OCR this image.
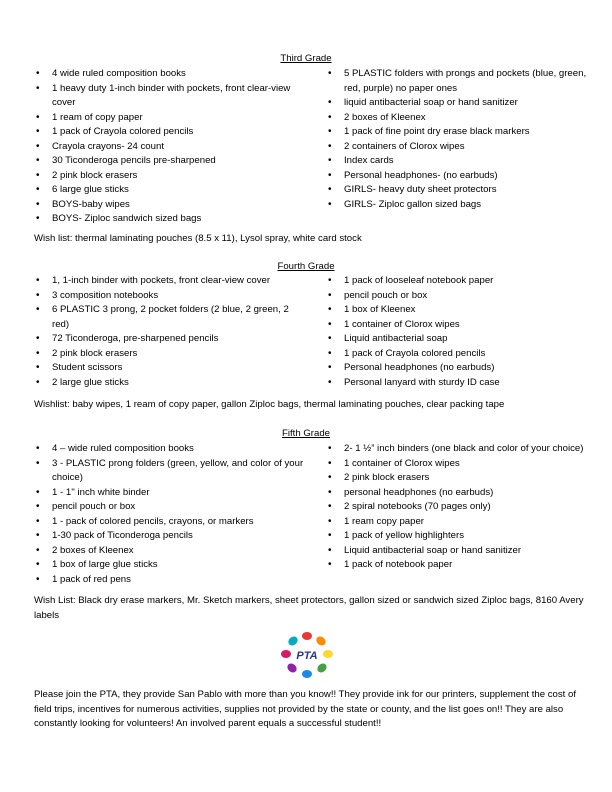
Third Grade
• 4 wide ruled composition books
• 1 heavy duty 1-inch binder with pockets, front clear-view cover
• 1 ream of copy paper
• 1 pack of Crayola colored pencils
• Crayola crayons- 24 count
• 30 Ticonderoga pencils pre-sharpened
• 2 pink block erasers
• 6 large glue sticks
• BOYS-baby wipes
• BOYS- Ziploc sandwich sized bags
• 5 PLASTIC folders with prongs and pockets (blue, green, red, purple) no paper ones
• liquid antibacterial soap or hand sanitizer
• 2 boxes of Kleenex
• 1 pack of fine point dry erase black markers
• 2 containers of Clorox wipes
• Index cards
• Personal headphones- (no earbuds)
• GIRLS- heavy duty sheet protectors
• GIRLS- Ziploc gallon sized bags
Wish list: thermal laminating pouches (8.5 x 11), Lysol spray, white card stock
Fourth Grade
• 1, 1-inch binder with pockets, front clear-view cover
• 3 composition notebooks
• 6 PLASTIC 3 prong, 2 pocket folders (2 blue, 2 green, 2 red)
• 72 Ticonderoga, pre-sharpened pencils
• 2 pink block erasers
• Student scissors
• 2 large glue sticks
• 1 pack of looseleaf notebook paper
• pencil pouch or box
• 1 box of Kleenex
• 1 container of Clorox wipes
• Liquid antibacterial soap
• 1 pack of Crayola colored pencils
• Personal headphones (no earbuds)
• Personal lanyard with sturdy ID case
Wishlist: baby wipes, 1 ream of copy paper, gallon Ziploc bags, thermal laminating pouches, clear packing tape
Fifth Grade
• 4 – wide ruled composition books
• 3 - PLASTIC prong folders (green, yellow, and color of your choice)
• 1 - 1'' inch white binder
• pencil pouch or box
• 1 - pack of colored pencils, crayons, or markers
• 1-30 pack of Ticonderoga pencils
• 2 boxes of Kleenex
• 1 box of large glue sticks
• 1 pack of red pens
• 2- 1 ½” inch binders (one black and color of your choice)
• 1 container of Clorox wipes
• 2 pink block erasers
• personal headphones (no earbuds)
• 2 spiral notebooks (70 pages only)
• 1 ream copy paper
• 1 pack of yellow highlighters
• Liquid antibacterial soap or hand sanitizer
• 1 pack of notebook paper
Wish List: Black dry erase markers, Mr. Sketch markers, sheet protectors, gallon sized or sandwich sized Ziploc bags, 8160 Avery labels
PTA
Please join the PTA, they provide San Pablo with more than you know!! They provide ink for our printers, supplement the cost of field trips, incentives for numerous activities, supplies not provided by the state or county, and the list goes on!! They are also constantly looking for volunteers! An involved parent equals a successful student!!
